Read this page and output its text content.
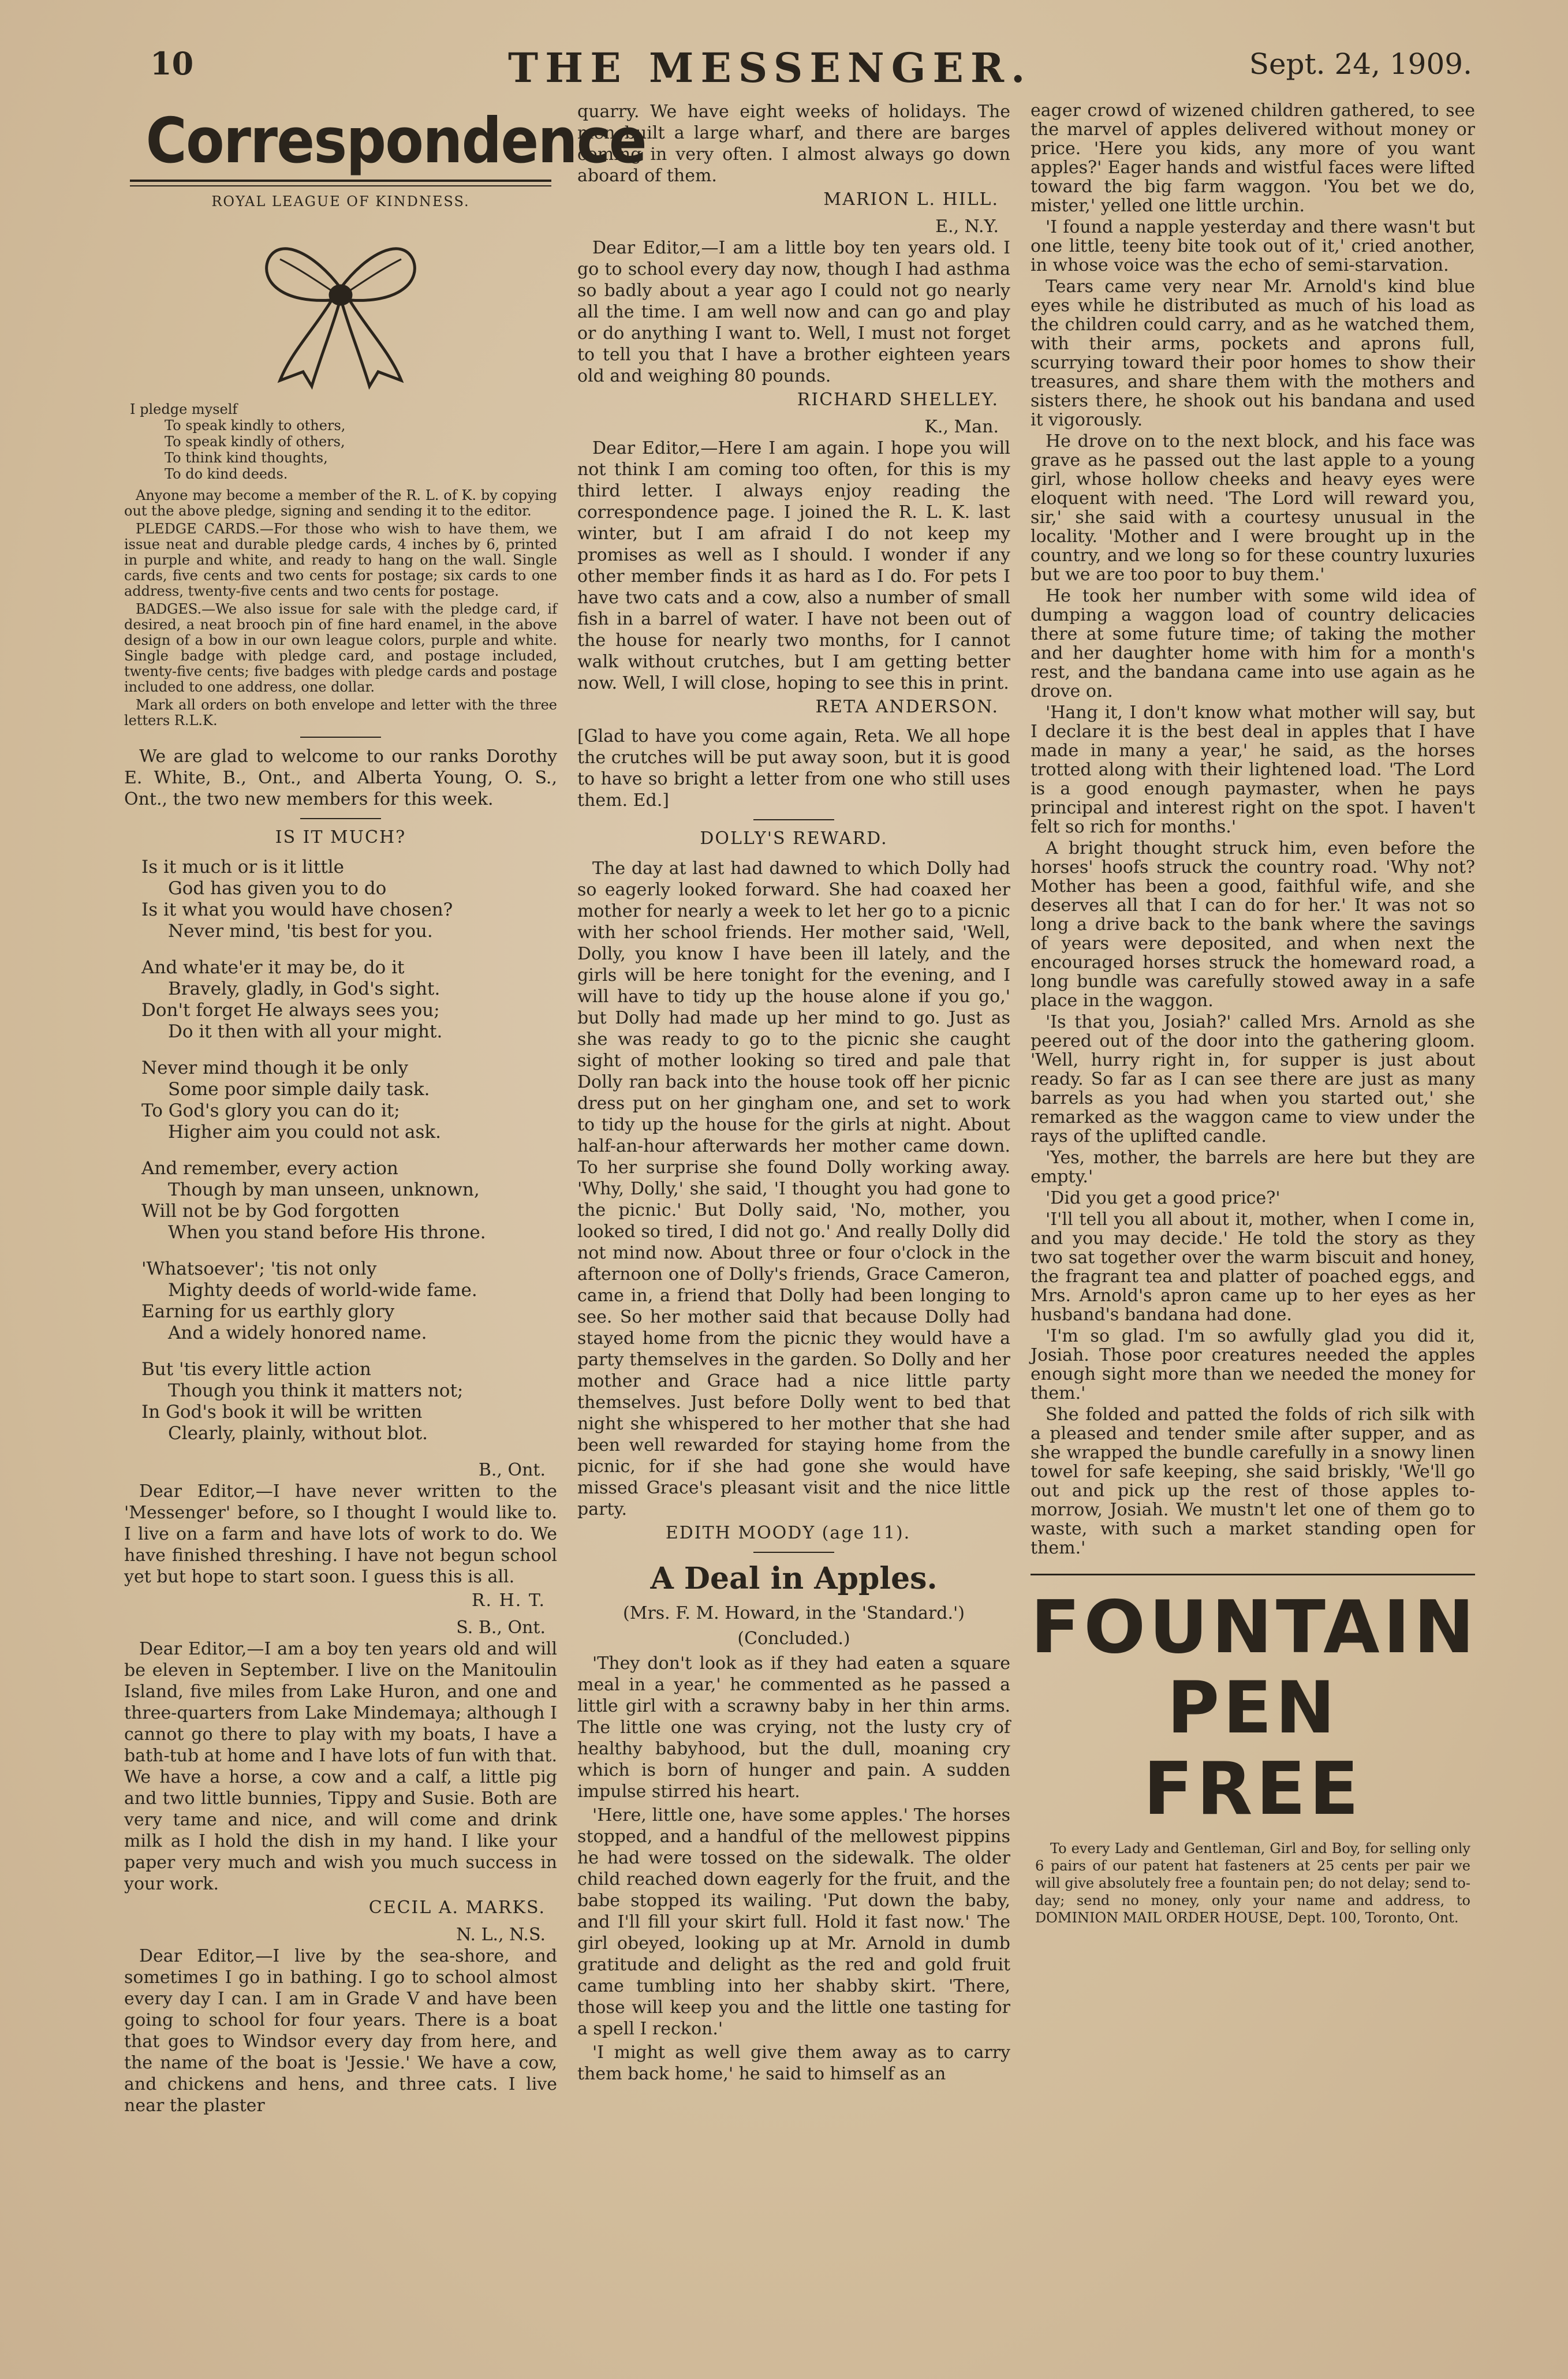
10	THE MESSENGER.	Sept. 24, 1909.
Correspondence
ROYAL LEAGUE OF KINDNESS.
I pledge myself
To speak kindly to others,
To speak kindly of others,
To think kind thoughts,
To do kind deeds.

Anyone may become a member of the R. L. of K. by copying out the above pledge, signing and sending it to the editor.

PLEDGE CARDS.—For those who wish to have them, we issue neat and durable pledge cards, 4 inches by 6, printed in purple and white, and ready to hang on the wall. Single cards, five cents and two cents for postage; six cards to one address, twenty-five cents and two cents for postage.

BADGES.—We also issue for sale with the pledge card, if desired, a neat brooch pin of fine hard enamel, in the above design of a bow in our own league colors, purple and white. Single badge with pledge card, and postage included, twenty-five cents; five badges with pledge cards and postage included to one address, one dollar.

Mark all orders on both envelope and letter with the three letters R.L.K.

We are glad to welcome to our ranks Dorothy E. White, B., Ont., and Alberta Young, O. S., Ont., the two new members for this week.

IS IT MUCH?
Is it much or is it little
God has given you to do
Is it what you would have chosen?
Never mind, 'tis best for you.
And whate'er it may be, do it
Bravely, gladly, in God's sight.
Don't forget He always sees you;
Do it then with all your might.
Never mind though it be only
Some poor simple daily task.
To God's glory you can do it;
Higher aim you could not ask.
And remember, every action
Though by man unseen, unknown,
Will not be by God forgotten
When you stand before His throne.
'Whatsoever'; 'tis not only
Mighty deeds of world-wide fame.
Earning for us earthly glory
And a widely honored name.
But 'tis every little action
Though you think it matters not;
In God's book it will be written
Clearly, plainly, without blot.
B., Ont.

Dear Editor,—I have never written to the 'Messenger' before, so I thought I would like to. I live on a farm and have lots of work to do. We have finished threshing. I have not begun school yet but hope to start soon. I guess this is all.

R. H. T.
S. B., Ont.

Dear Editor,—I am a boy ten years old and will be eleven in September. I live on the Manitoulin Island, five miles from Lake Huron, and one and three-quarters from Lake Mindemaya; although I cannot go there to play with my boats, I have a bath-tub at home and I have lots of fun with that. We have a horse, a cow and a calf, a little pig and two little bunnies, Tippy and Susie. Both are very tame and nice, and will come and drink milk as I hold the dish in my hand. I like your paper very much and wish you much success in your work.

CECIL A. MARKS.
N. L., N.S.

Dear Editor,—I live by the sea-shore, and sometimes I go in bathing. I go to school almost every day I can. I am in Grade V and have been going to school for four years. There is a boat that goes to Windsor every day from here, and the name of the boat is 'Jessie.' We have a cow, and chickens and hens, and three cats. I live near the plaster

quarry. We have eight weeks of holidays. The men built a large wharf, and there are barges coming in very often. I almost always go down aboard of them.

MARION L. HILL.
E., N.Y.

Dear Editor,—I am a little boy ten years old. I go to school every day now, though I had asthma so badly about a year ago I could not go nearly all the time. I am well now and can go and play or do anything I want to. Well, I must not forget to tell you that I have a brother eighteen years old and weighing 80 pounds.

RICHARD SHELLEY.
K., Man.

Dear Editor,—Here I am again. I hope you will not think I am coming too often, for this is my third letter. I always enjoy reading the correspondence page. I joined the R. L. K. last winter, but I am afraid I do not keep my promises as well as I should. I wonder if any other member finds it as hard as I do. For pets I have two cats and a cow, also a number of small fish in a barrel of water. I have not been out of the house for nearly two months, for I cannot walk without crutches, but I am getting better now. Well, I will close, hoping to see this in print.

RETA ANDERSON.
[Glad to have you come again, Reta. We all hope the crutches will be put away soon, but it is good to have so bright a letter from one who still uses them. Ed.]
DOLLY'S REWARD.

The day at last had dawned to which Dolly had so eagerly looked forward. She had coaxed her mother for nearly a week to let her go to a picnic with her school friends. Her mother said, 'Well, Dolly, you know I have been ill lately, and the girls will be here tonight for the evening, and I will have to tidy up the house alone if you go,' but Dolly had made up her mind to go. Just as she was ready to go to the picnic she caught sight of mother looking so tired and pale that Dolly ran back into the house took off her picnic dress put on her gingham one, and set to work to tidy up the house for the girls at night. About half-an-hour afterwards her mother came down. To her surprise she found Dolly working away. 'Why, Dolly,' she said, 'I thought you had gone to the picnic.' But Dolly said, 'No, mother, you looked so tired, I did not go.' And really Dolly did not mind now. About three or four o'clock in the afternoon one of Dolly's friends, Grace Cameron, came in, a friend that Dolly had been longing to see. So her mother said that because Dolly had stayed home from the picnic they would have a party themselves in the garden. So Dolly and her mother and Grace had a nice little party themselves. Just before Dolly went to bed that night she whispered to her mother that she had been well rewarded for staying home from the picnic, for if she had gone she would have missed Grace's pleasant visit and the nice little party.

EDITH MOODY (age 11).
A Deal in Apples.
(Mrs. F. M. Howard, in the 'Standard.')
(Concluded.)

'They don't look as if they had eaten a square meal in a year,' he commented as he passed a little girl with a scrawny baby in her thin arms. The little one was crying, not the lusty cry of healthy babyhood, but the dull, moaning cry which is born of hunger and pain. A sudden impulse stirred his heart.

'Here, little one, have some apples.' The horses stopped, and a handful of the mellowest pippins he had were tossed on the sidewalk. The older child reached down eagerly for the fruit, and the babe stopped its wailing. 'Put down the baby, and I'll fill your skirt full. Hold it fast now.' The girl obeyed, looking up at Mr. Arnold in dumb gratitude and delight as the red and gold fruit came tumbling into her shabby skirt. 'There, those will keep you and the little one tasting for a spell I reckon.'

'I might as well give them away as to carry them back home,' he said to himself as an

eager crowd of wizened children gathered, to see the marvel of apples delivered without money or price. 'Here you kids, any more of you want apples?' Eager hands and wistful faces were lifted toward the big farm waggon. 'You bet we do, mister,' yelled one little urchin.

'I found a napple yesterday and there wasn't but one little, teeny bite took out of it,' cried another, in whose voice was the echo of semi-starvation.

Tears came very near Mr. Arnold's kind blue eyes while he distributed as much of his load as the children could carry, and as he watched them, with their arms, pockets and aprons full, scurrying toward their poor homes to show their treasures, and share them with the mothers and sisters there, he shook out his bandana and used it vigorously.

He drove on to the next block, and his face was grave as he passed out the last apple to a young girl, whose hollow cheeks and heavy eyes were eloquent with need. 'The Lord will reward you, sir,' she said with a courtesy unusual in the locality. 'Mother and I were brought up in the country, and we long so for these country luxuries but we are too poor to buy them.'

He took her number with some wild idea of dumping a waggon load of country delicacies there at some future time; of taking the mother and her daughter home with him for a month's rest, and the bandana came into use again as he drove on.

'Hang it, I don't know what mother will say, but I declare it is the best deal in apples that I have made in many a year,' he said, as the horses trotted along with their lightened load. 'The Lord is a good enough paymaster, when he pays principal and interest right on the spot. I haven't felt so rich for months.'

A bright thought struck him, even before the horses' hoofs struck the country road. 'Why not? Mother has been a good, faithful wife, and she deserves all that I can do for her.' It was not so long a drive back to the bank where the savings of years were deposited, and when next the encouraged horses struck the homeward road, a long bundle was carefully stowed away in a safe place in the waggon.

'Is that you, Josiah?' called Mrs. Arnold as she peered out of the door into the gathering gloom. 'Well, hurry right in, for supper is just about ready. So far as I can see there are just as many barrels as you had when you started out,' she remarked as the waggon came to view under the rays of the uplifted candle.

'Yes, mother, the barrels are here but they are empty.'

'Did you get a good price?'

'I'll tell you all about it, mother, when I come in, and you may decide.' He told the story as they two sat together over the warm biscuit and honey, the fragrant tea and platter of poached eggs, and Mrs. Arnold's apron came up to her eyes as her husband's bandana had done.

'I'm so glad. I'm so awfully glad you did it, Josiah. Those poor creatures needed the apples enough sight more than we needed the money for them.'

She folded and patted the folds of rich silk with a pleased and tender smile after supper, and as she wrapped the bundle carefully in a snowy linen towel for safe keeping, she said briskly, 'We'll go out and pick up the rest of those apples to-morrow, Josiah. We mustn't let one of them go to waste, with such a market standing open for them.'

FOUNTAIN
PEN
FREE
To every Lady and Gentleman, Girl and Boy, for selling only 6 pairs of our patent hat fasteners at 25 cents per pair we will give absolutely free a fountain pen; do not delay; send to-day; send no money, only your name and address, to DOMINION MAIL ORDER HOUSE, Dept. 100, Toronto, Ont.
